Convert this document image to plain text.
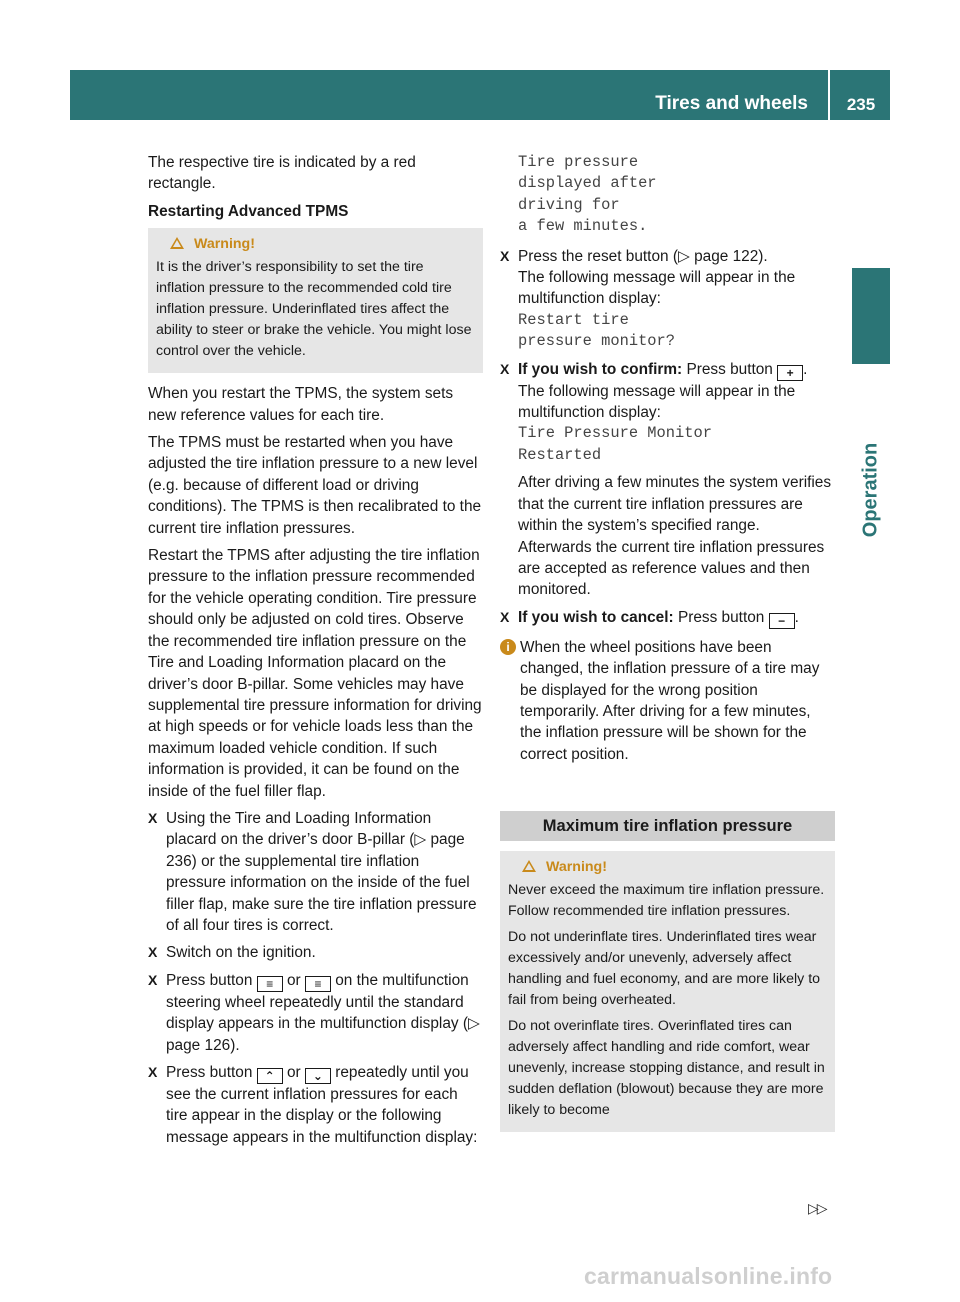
Tires and wheels	235
Operation

The respective tire is indicated by a red rectangle.

Restarting Advanced TPMS

Warning!

It is the driver’s responsibility to set the tire inflation pressure to the recommended cold tire inflation pressure. Underinflated tires affect the ability to steer or brake the vehicle. You might lose control over the vehicle.

When you restart the TPMS, the system sets new reference values for each tire.

The TPMS must be restarted when you have adjusted the tire inflation pressure to a new level (e.g. because of different load or driving conditions). The TPMS is then recalibrated to the current tire inflation pressures.

Restart the TPMS after adjusting the tire inflation pressure to the inflation pressure recommended for the vehicle operating condition. Tire pressure should only be adjusted on cold tires. Observe the recommended tire inflation pressure on the Tire and Loading Information placard on the driver’s door B-pillar. Some vehicles may have supplemental tire pressure information for driving at high speeds or for vehicle loads less than the maximum loaded vehicle condition. If such information is provided, it can be found on the inside of the fuel filler flap.

X Using the Tire and Loading Information placard on the driver’s door B-pillar (▷ page 236) or the supplemental tire inflation pressure information on the inside of the fuel filler flap, make sure the tire inflation pressure of all four tires is correct.
X Switch on the ignition.
X Press button ≡ or ≡ on the multifunction steering wheel repeatedly until the standard display appears in the multifunction display (▷ page 126).
X Press button ⌃ or ⌄ repeatedly until you see the current inflation pressures for each tire appear in the display or the following message appears in the multifunction display:
Tire pressure
displayed after
driving for
a few minutes.
X Press the reset button (▷ page 122).
The following message will appear in the multifunction display:
Restart tire
pressure monitor?
X If you wish to confirm: Press button + .
The following message will appear in the multifunction display:
Tire Pressure Monitor
Restarted

After driving a few minutes the system verifies that the current tire inflation pressures are within the system’s specified range. Afterwards the current tire inflation pressures are accepted as reference values and then monitored.

X If you wish to cancel: Press button − .
i When the wheel positions have been changed, the inflation pressure of a tire may be displayed for the wrong position temporarily. After driving for a few minutes, the inflation pressure will be shown for the correct position.
Maximum tire inflation pressure
Warning!

Never exceed the maximum tire inflation pressure. Follow recommended tire inflation pressures.

Do not underinflate tires. Underinflated tires wear excessively and/or unevenly, adversely affect handling and fuel economy, and are more likely to fail from being overheated.

Do not overinflate tires. Overinflated tires can adversely affect handling and ride comfort, wear unevenly, increase stopping distance, and result in sudden deflation (blowout) because they are more likely to become

▷▷
carmanualsonline.info
